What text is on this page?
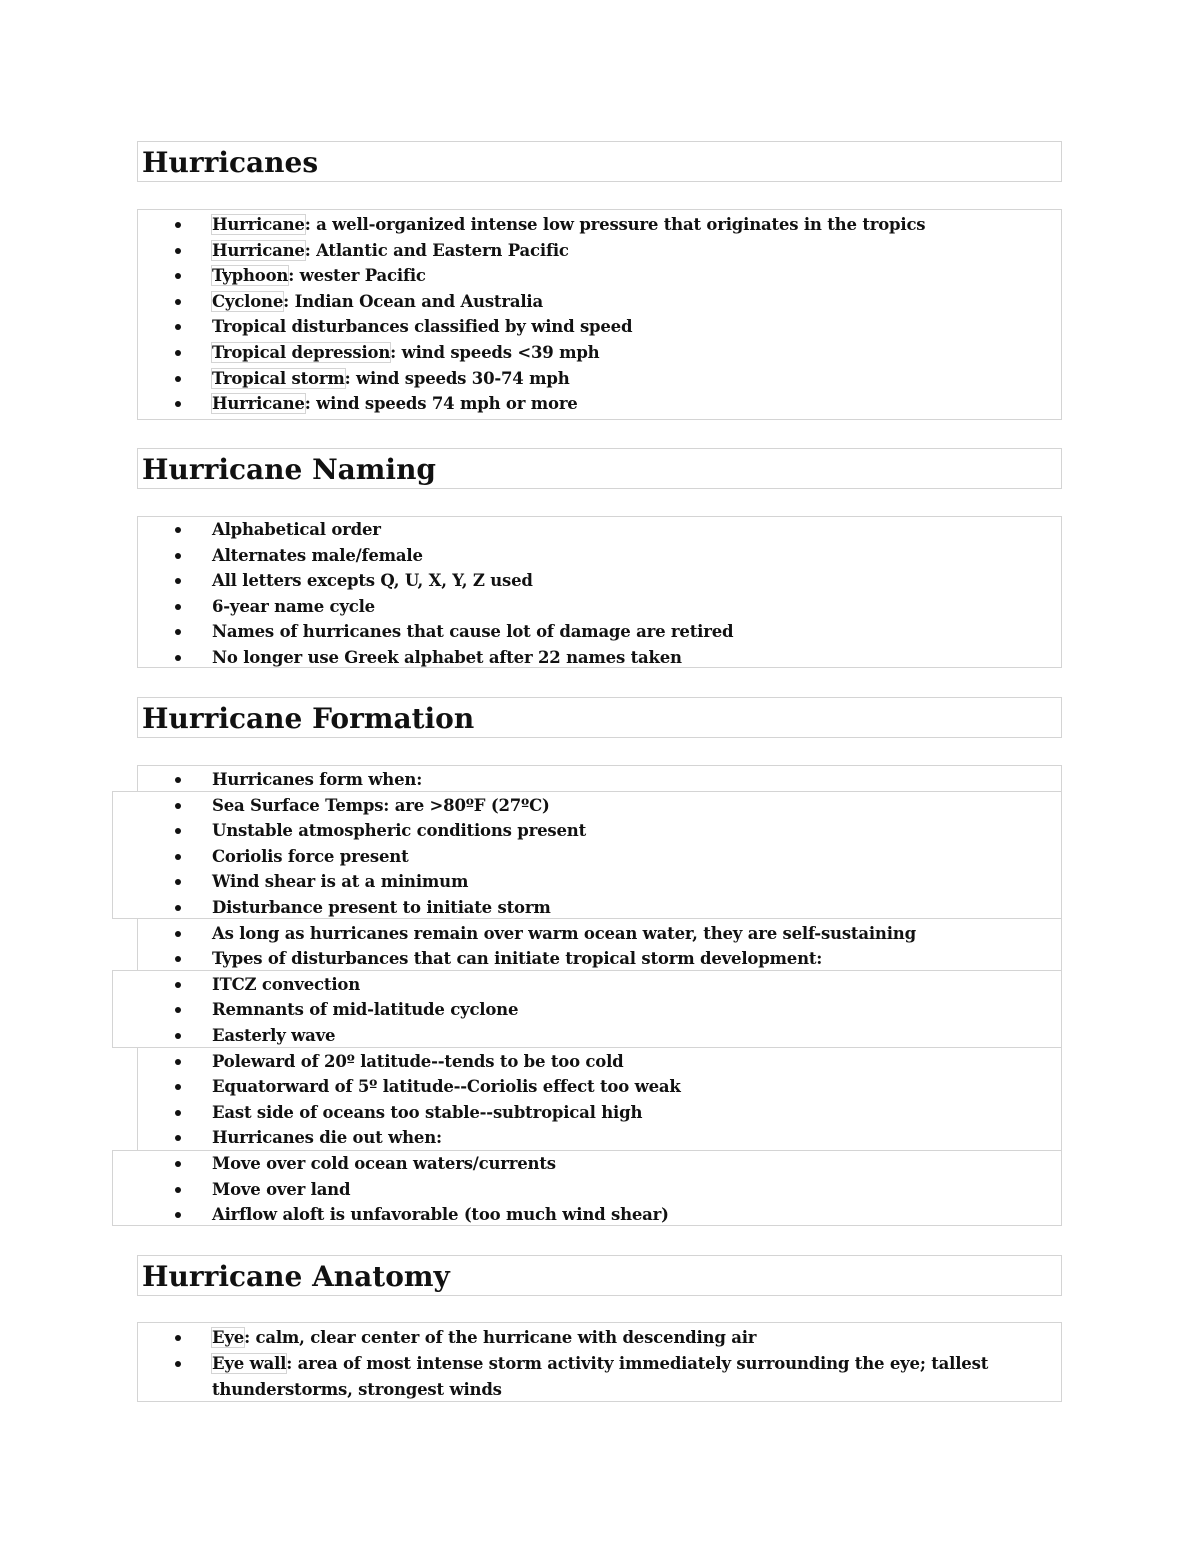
Hurricanes
Hurricane: a well-organized intense low pressure that originates in the tropics
Hurricane: Atlantic and Eastern Pacific
Typhoon: wester Pacific
Cyclone: Indian Ocean and Australia
Tropical disturbances classified by wind speed
Tropical depression: wind speeds <39 mph
Tropical storm: wind speeds 30-74 mph
Hurricane: wind speeds 74 mph or more
Hurricane Naming
Alphabetical order
Alternates male/female
All letters excepts Q, U, X, Y, Z used
6-year name cycle
Names of hurricanes that cause lot of damage are retired
No longer use Greek alphabet after 22 names taken
Hurricane Formation
Hurricanes form when:
Sea Surface Temps: are >80ºF (27ºC)
Unstable atmospheric conditions present
Coriolis force present
Wind shear is at a minimum
Disturbance present to initiate storm
As long as hurricanes remain over warm ocean water, they are self-sustaining
Types of disturbances that can initiate tropical storm development:
ITCZ convection
Remnants of mid-latitude cyclone
Easterly wave
Poleward of 20º latitude--tends to be too cold
Equatorward of 5º latitude--Coriolis effect too weak
East side of oceans too stable--subtropical high
Hurricanes die out when:
Move over cold ocean waters/currents
Move over land
Airflow aloft is unfavorable (too much wind shear)
Hurricane Anatomy
Eye: calm, clear center of the hurricane with descending air
Eye wall: area of most intense storm activity immediately surrounding the eye; tallest thunderstorms, strongest winds
